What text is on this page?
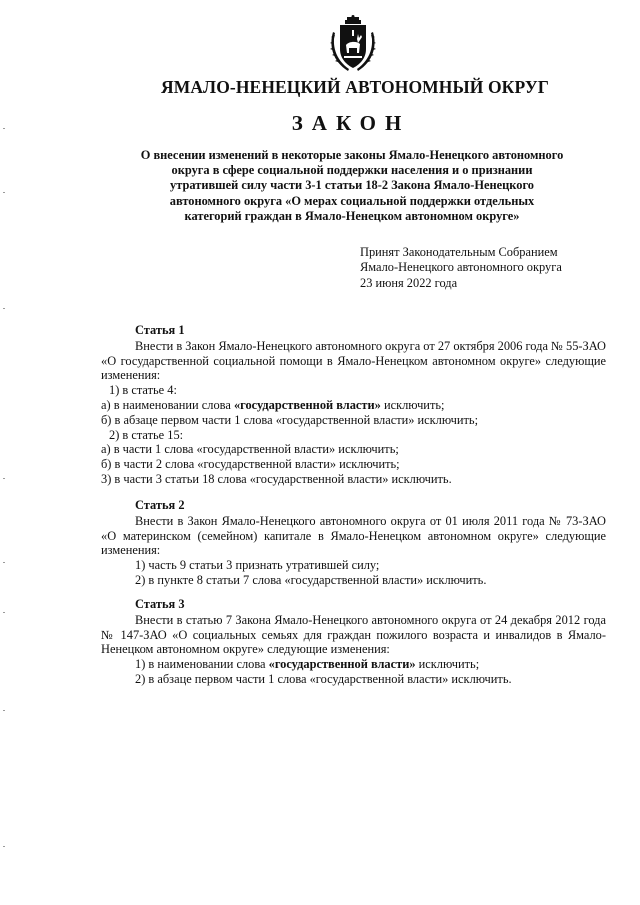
ЯМАЛО-НЕНЕЦКИЙ АВТОНОМНЫЙ ОКРУГ
ЗАКОН
О внесении изменений в некоторые законы Ямало-Ненецкого автономного
округа в сфере социальной поддержки населения и о признании
утратившей силу части 3-1 статьи 18-2 Закона Ямало-Ненецкого
автономного округа «О мерах социальной поддержки отдельных
категорий граждан в Ямало-Ненецком автономном округе»
Принят Законодательным Собранием
Ямало-Ненецкого автономного округа
23 июня 2022 года
Статья 1

Внести в Закон Ямало-Ненецкого автономного округа от 27 октября 2006 года № 55-ЗАО «О государственной социальной помощи в Ямало-Ненецком автономном округе» следующие изменения:

1) в статье 4:
а) в наименовании слова «государственной власти» исключить;
б) в абзаце первом части 1 слова «государственной власти» исключить;
2) в статье 15:
а) в части 1 слова «государственной власти» исключить;
б) в части 2 слова «государственной власти» исключить;
3) в части 3 статьи 18 слова «государственной власти» исключить.
Статья 2

Внести в Закон Ямало-Ненецкого автономного округа от 01 июля 2011 года № 73-ЗАО «О материнском (семейном) капитале в Ямало-Ненецком автономном округе» следующие изменения:

1) часть 9 статьи 3 признать утратившей силу;
2) в пункте 8 статьи 7 слова «государственной власти» исключить.
Статья 3

Внести в статью 7 Закона Ямало-Ненецкого автономного округа от 24 декабря 2012 года № 147-ЗАО «О социальных семьях для граждан пожилого возраста и инвалидов в Ямало-Ненецком автономном округе» следующие изменения:

1) в наименовании слова «государственной власти» исключить;
2) в абзаце первом части 1 слова «государственной власти» исключить.
